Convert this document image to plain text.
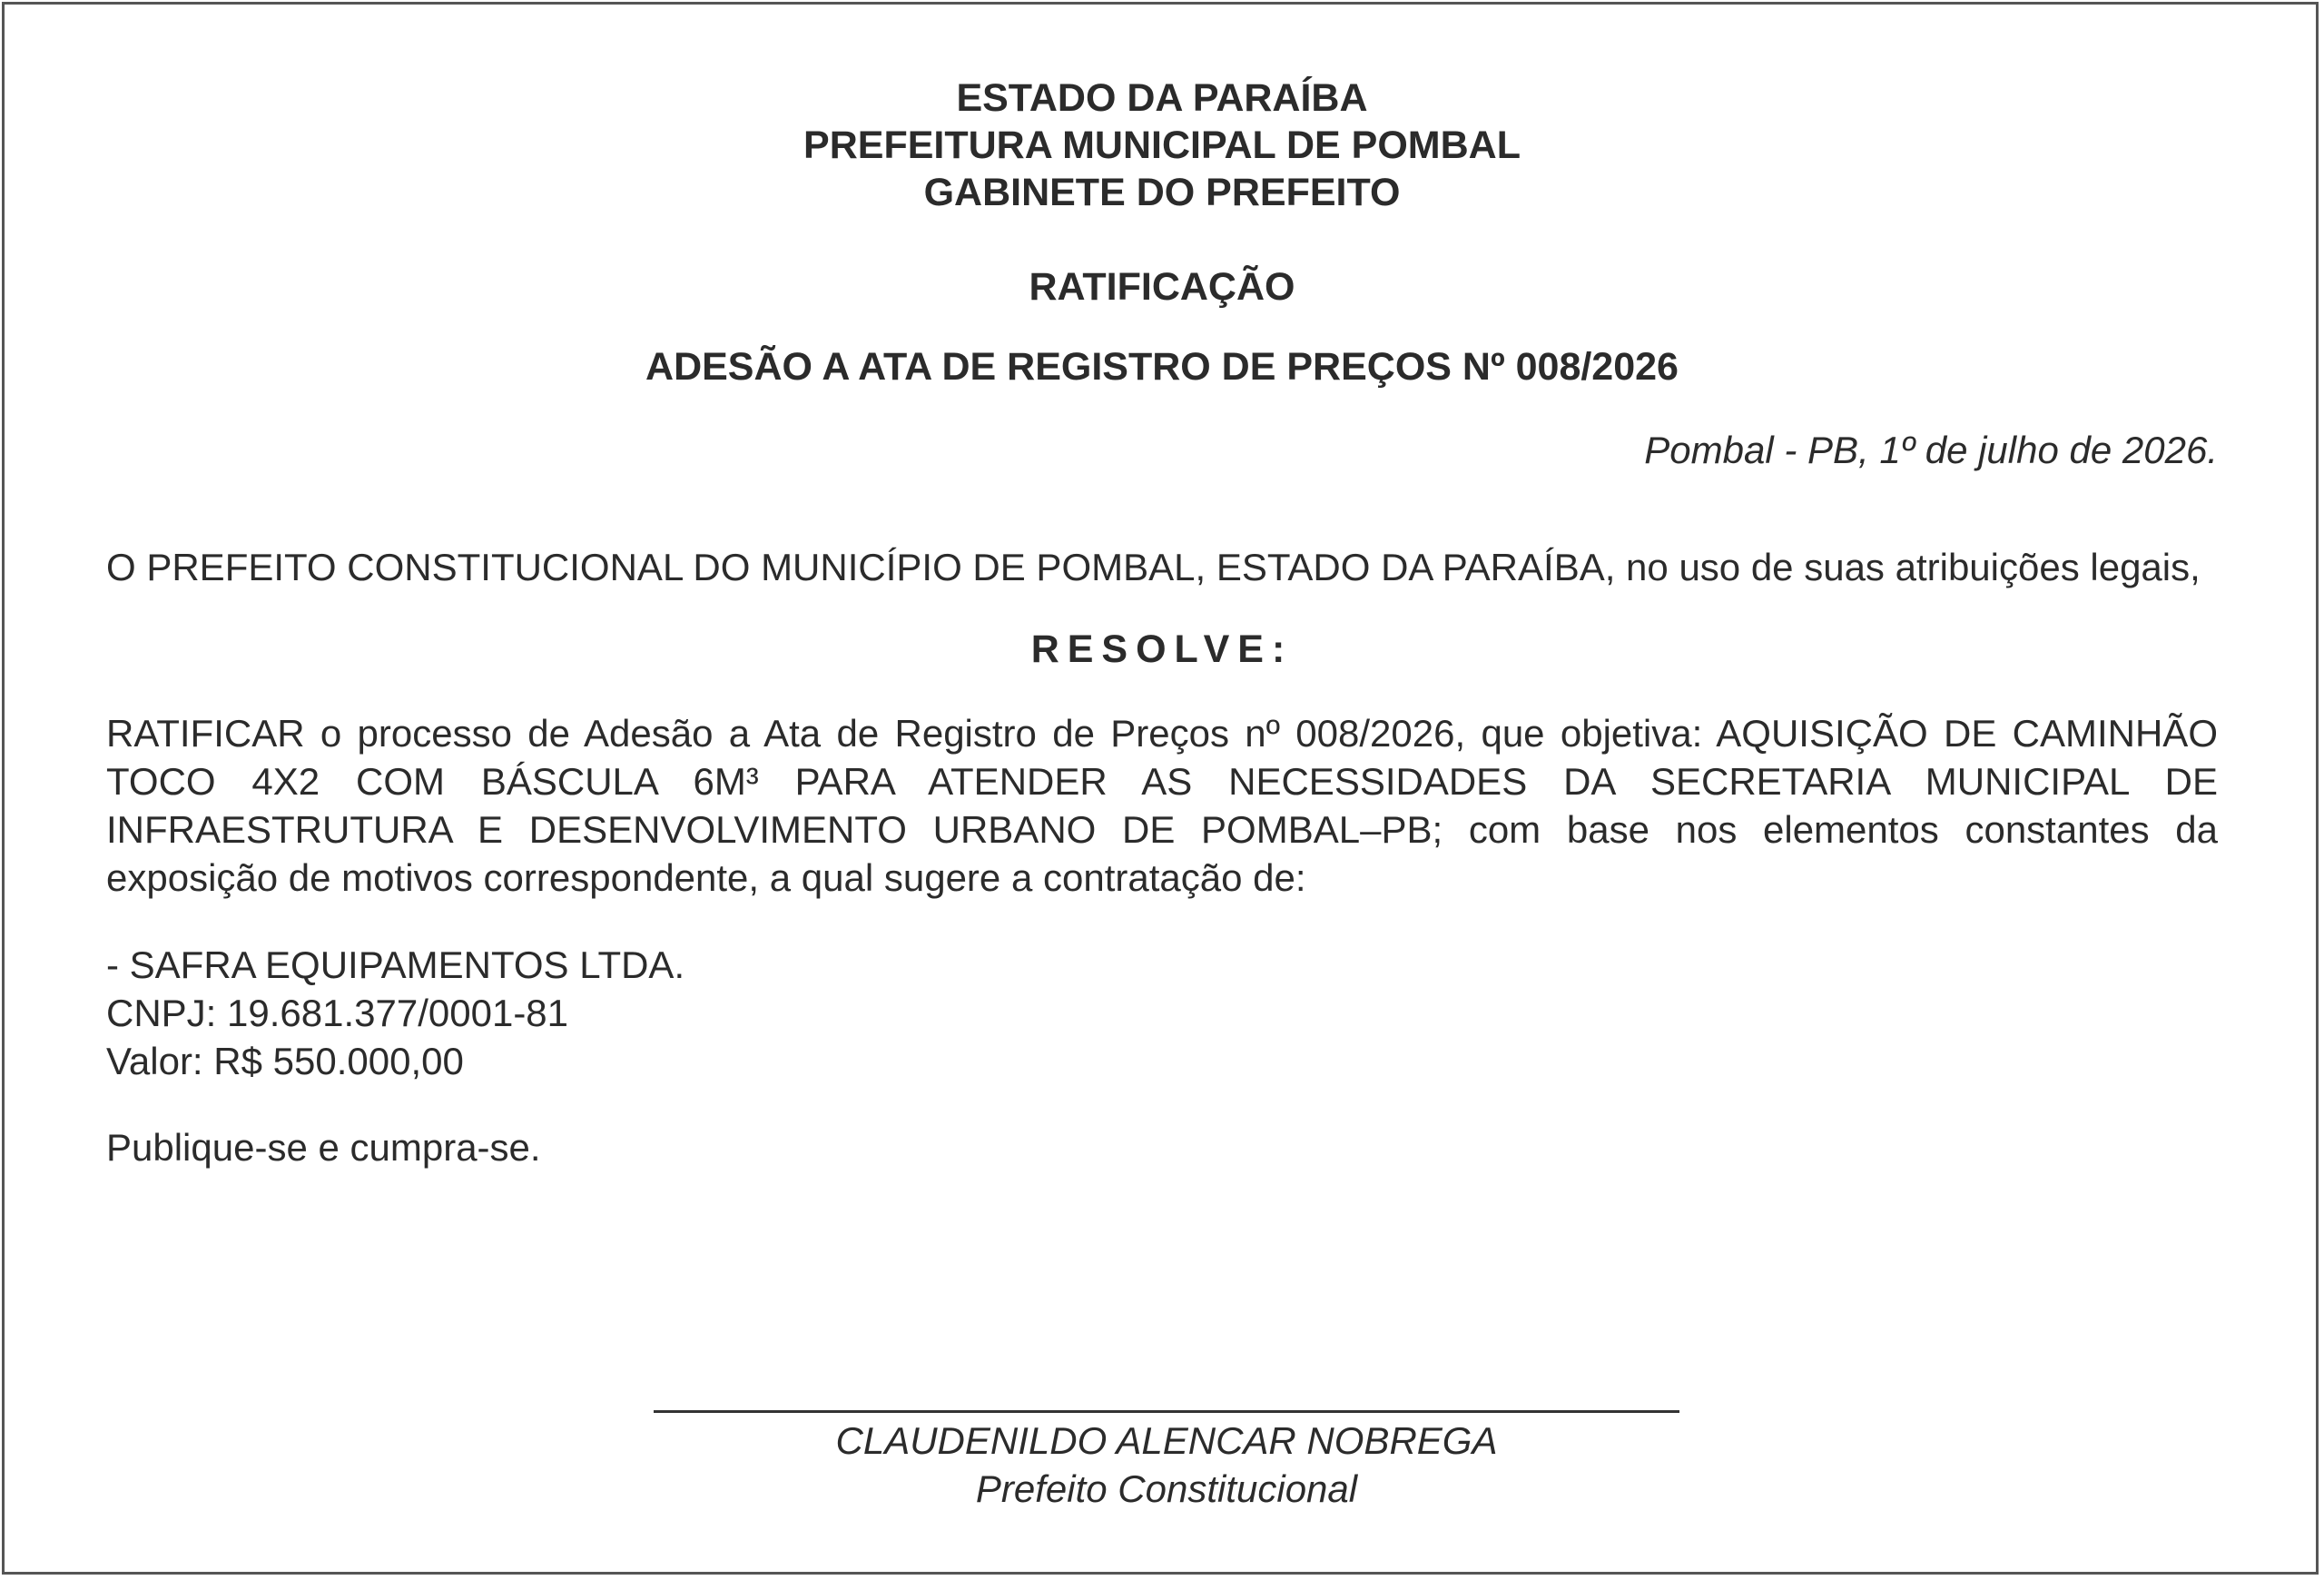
ESTADO DA PARAÍBA
PREFEITURA MUNICIPAL DE POMBAL
GABINETE DO PREFEITO
RATIFICAÇÃO
ADESÃO A ATA DE REGISTRO DE PREÇOS Nº 008/2026
Pombal - PB, 1º de julho de 2026.
O PREFEITO CONSTITUCIONAL DO MUNICÍPIO DE POMBAL, ESTADO DA PARAÍBA, no uso de suas atribuições legais,
RESOLVE:
RATIFICAR o processo de Adesão a Ata de Registro de Preços nº 008/2026, que objetiva: AQUISIÇÃO DE CAMINHÃO TOCO 4X2 COM BÁSCULA 6M³ PARA ATENDER AS NECESSIDADES DA SECRETARIA MUNICIPAL DE INFRAESTRUTURA E DESENVOLVIMENTO URBANO DE POMBAL–PB; com base nos elementos constantes da exposição de motivos correspondente, a qual sugere a contratação de:
- SAFRA EQUIPAMENTOS LTDA.
CNPJ: 19.681.377/0001-81
Valor: R$ 550.000,00
Publique-se e cumpra-se.
CLAUDENILDO ALENCAR NOBREGA
Prefeito Constitucional
